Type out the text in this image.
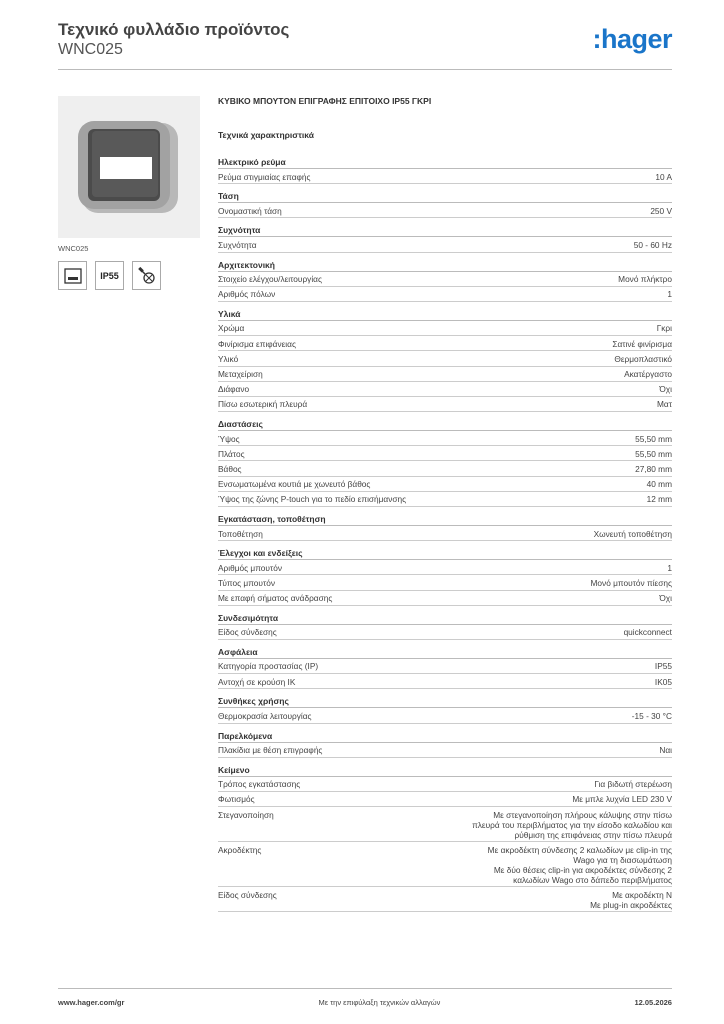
Τεχνικό φυλλάδιο προϊόντος
WNC025	:hager
WNC025
IP55
ΚΥΒΙΚΟ ΜΠΟΥΤΟΝ ΕΠΙΓΡΑΦΗΣ ΕΠΙΤΟΙΧΟ IP55 ΓΚΡΙ
Τεχνικά χαρακτηριστικά
Ηλεκτρικό ρεύμα
Ρεύμα στιγμιαίας επαφής	10 A
Τάση
Ονομαστική τάση	250 V
Συχνότητα
Συχνότητα	50 - 60 Hz
Αρχιτεκτονική
Στοιχείο ελέγχου/λειτουργίας	Μονό πλήκτρο
Αριθμός πόλων	1
Υλικά
Χρώμα	Γκρι
Φινίρισμα επιφάνειας	Σατινέ φινίρισμα
Υλικό	Θερμοπλαστικό
Μεταχείριση	Ακατέργαστο
Διάφανο	Όχι
Πίσω εσωτερική πλευρά	Ματ
Διαστάσεις
Ύψος	55,50 mm
Πλάτος	55,50 mm
Βάθος	27,80 mm
Ενσωματωμένα κουτιά με χωνευτό βάθος	40 mm
Ύψος της ζώνης P-touch για το πεδίο επισήμανσης	12 mm
Εγκατάσταση, τοποθέτηση
Τοποθέτηση	Χωνευτή τοποθέτηση
Έλεγχοι και ενδείξεις
Αριθμός μπουτόν	1
Τύπος μπουτόν	Μονό μπουτόν πίεσης
Με επαφή σήματος ανάδρασης	Όχι
Συνδεσιμότητα
Είδος σύνδεσης	quickconnect
Ασφάλεια
Κατηγορία προστασίας (IP)	IP55
Αντοχή σε κρούση IK	IK05
Συνθήκες χρήσης
Θερμοκρασία λειτουργίας	-15 - 30 °C
Παρελκόμενα
Πλακίδια με θέση επιγραφής	Ναι
Κείμενο
Τρόπος εγκατάστασης	Για βιδωτή στερέωση
Φωτισμός	Με μπλε λυχνία LED 230 V
Στεγανοποίηση	Με στεγανοποίηση πλήρους κάλυψης στην πίσω
πλευρά του περιβλήματος για την είσοδο καλωδίου και
ρύθμιση της επιφάνειας στην πίσω πλευρά
Ακροδέκτης	Με ακροδέκτη σύνδεσης 2 καλωδίων με clip-in της
Wago για τη διασωμάτωση
Με δύο θέσεις clip-in για ακροδέκτες σύνδεσης 2
καλωδίων Wago στο δάπεδο περιβλήματος
Είδος σύνδεσης	Με ακροδέκτη N
Με plug-in ακροδέκτες
www.hager.com/gr	Με την επιφύλαξη τεχνικών αλλαγών	12.05.2026
